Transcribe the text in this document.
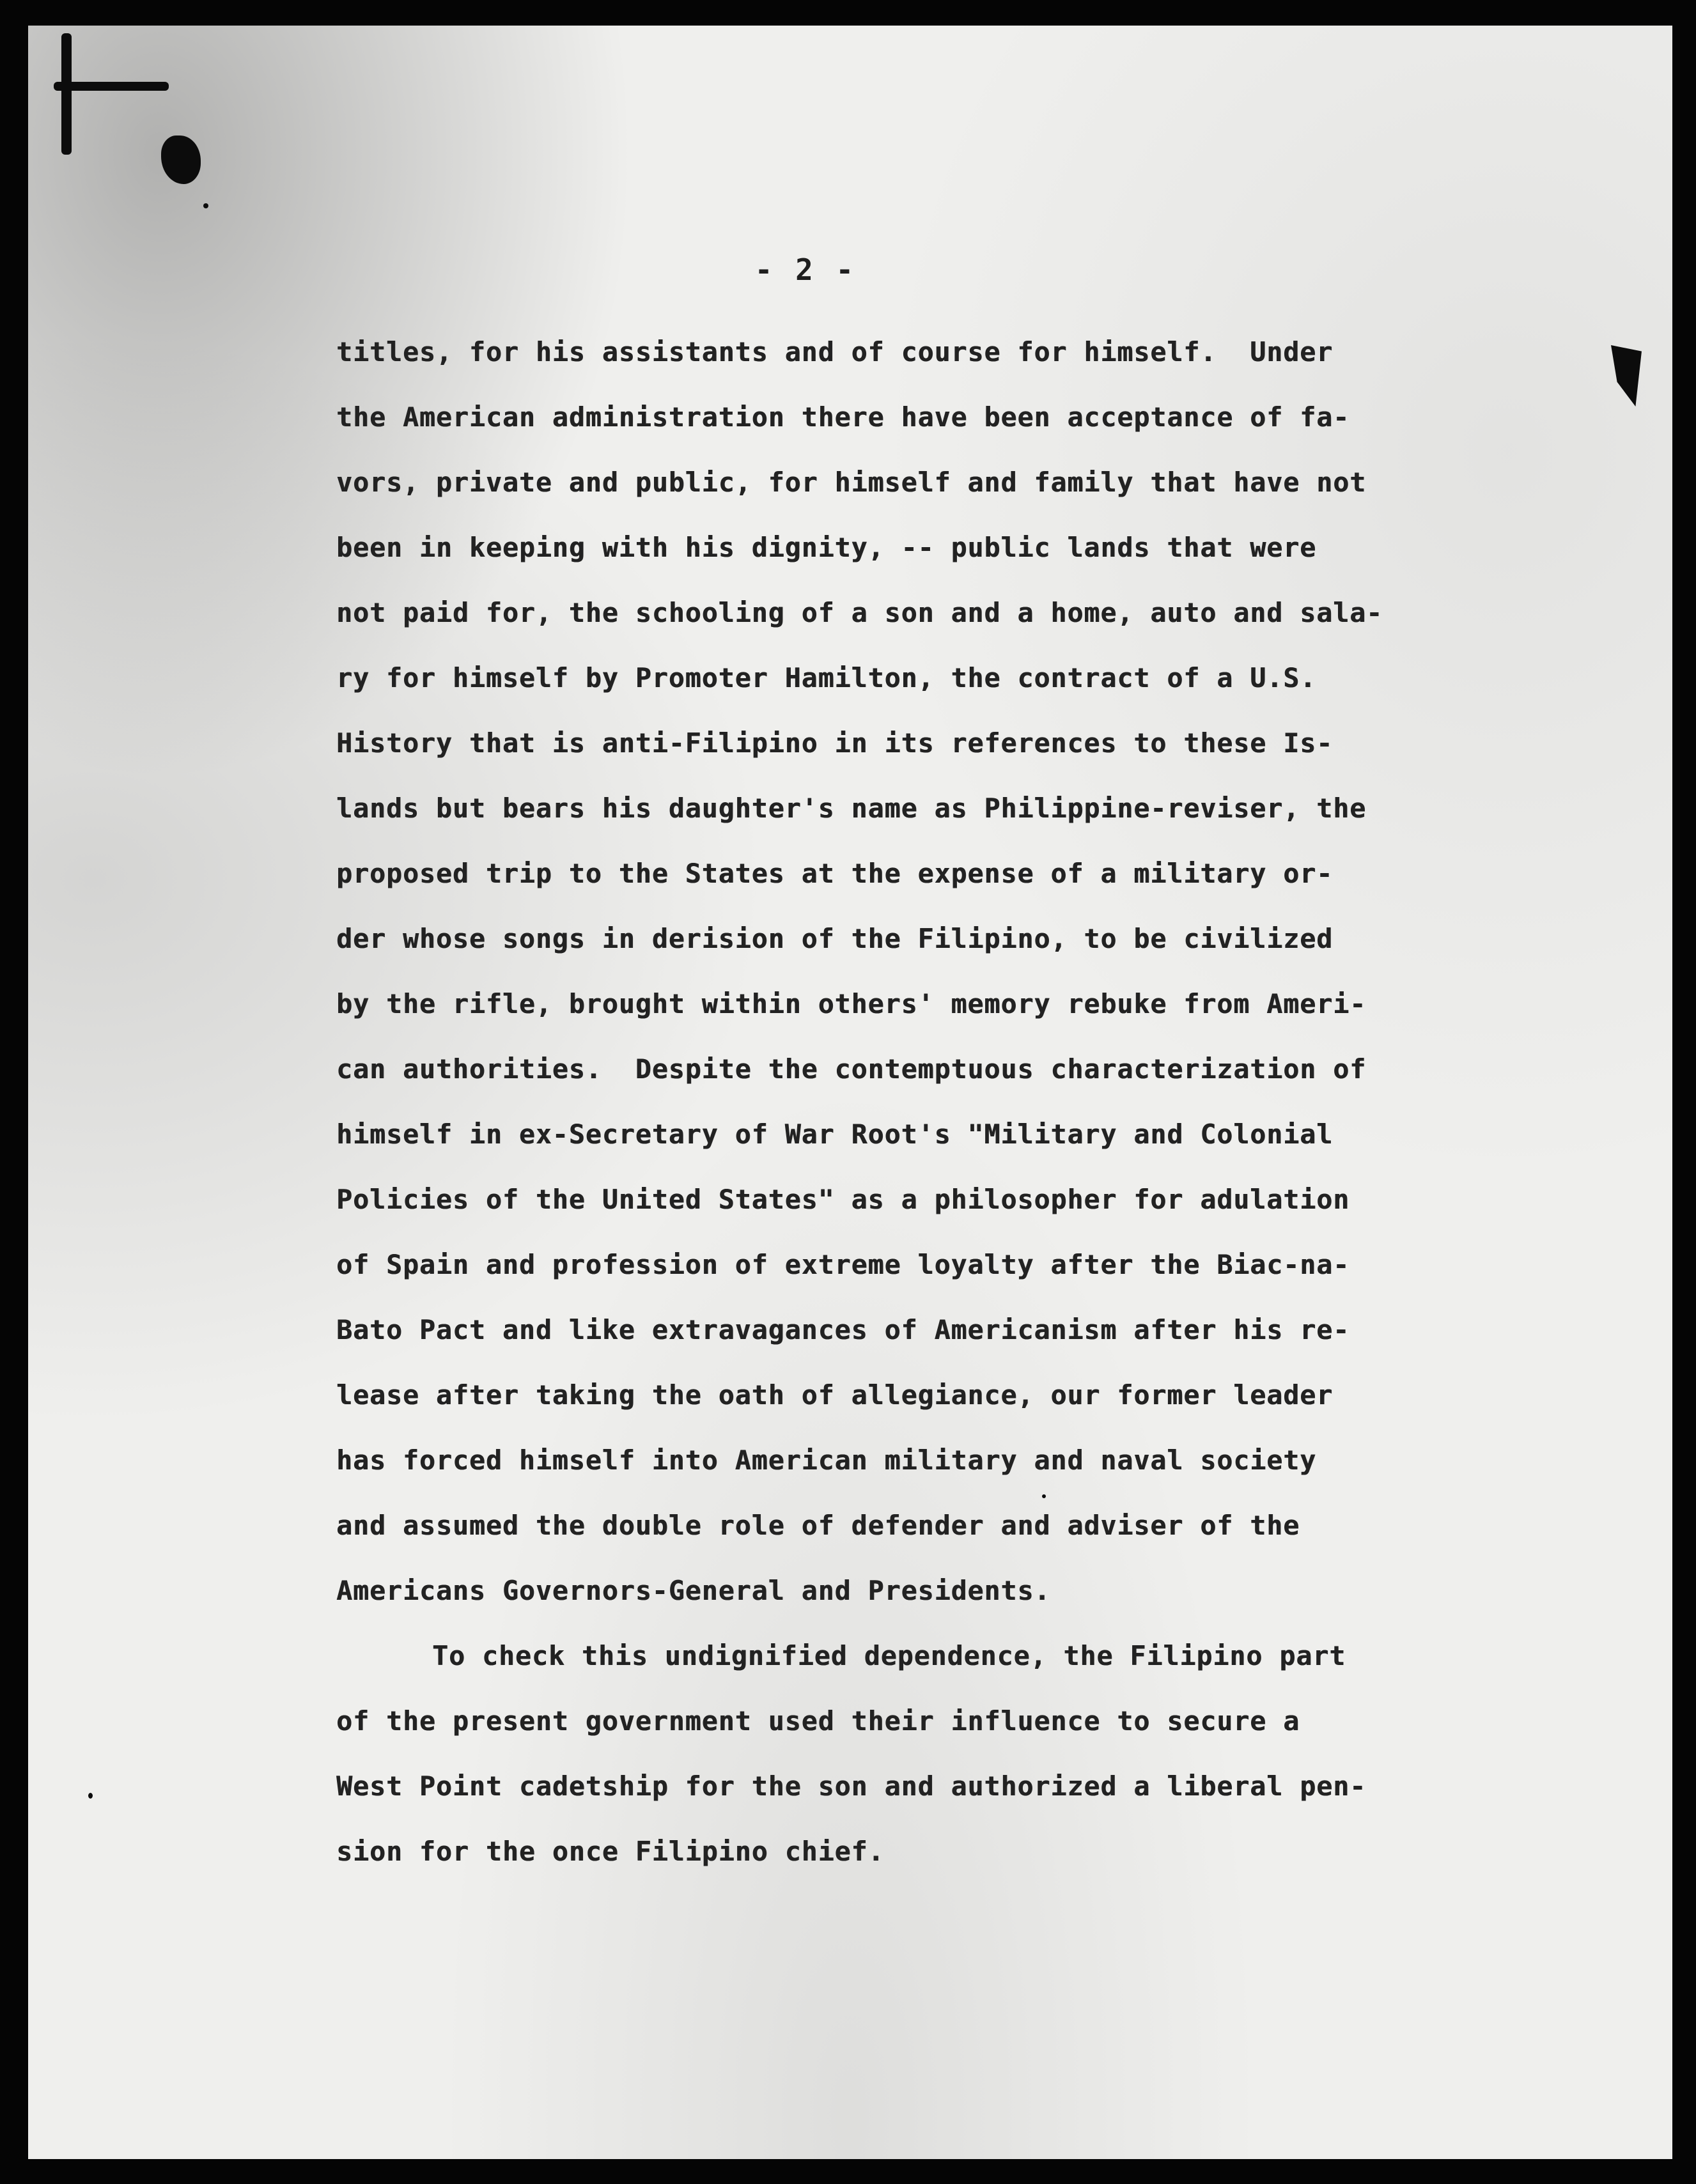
- 2 -
titles, for his assistants and of course for himself.  Under
the American administration there have been acceptance of fa-
vors, private and public, for himself and family that have not
been in keeping with his dignity, -- public lands that were
not paid for, the schooling of a son and a home, auto and sala-
ry for himself by Promoter Hamilton, the contract of a U.S.
History that is anti-Filipino in its references to these Is-
lands but bears his daughter's name as Philippine-reviser, the
proposed trip to the States at the expense of a military or-
der whose songs in derision of the Filipino, to be civilized
by the rifle, brought within others' memory rebuke from Ameri-
can authorities.  Despite the contemptuous characterization of
himself in ex-Secretary of War Root's "Military and Colonial
Policies of the United States" as a philosopher for adulation
of Spain and profession of extreme loyalty after the Biac-na-
Bato Pact and like extravagances of Americanism after his re-
lease after taking the oath of allegiance, our former leader
has forced himself into American military and naval society
and assumed the double role of defender and adviser of the
Americans Governors-General and Presidents.
To check this undignified dependence, the Filipino part
of the present government used their influence to secure a
West Point cadetship for the son and authorized a liberal pen-
sion for the once Filipino chief.
